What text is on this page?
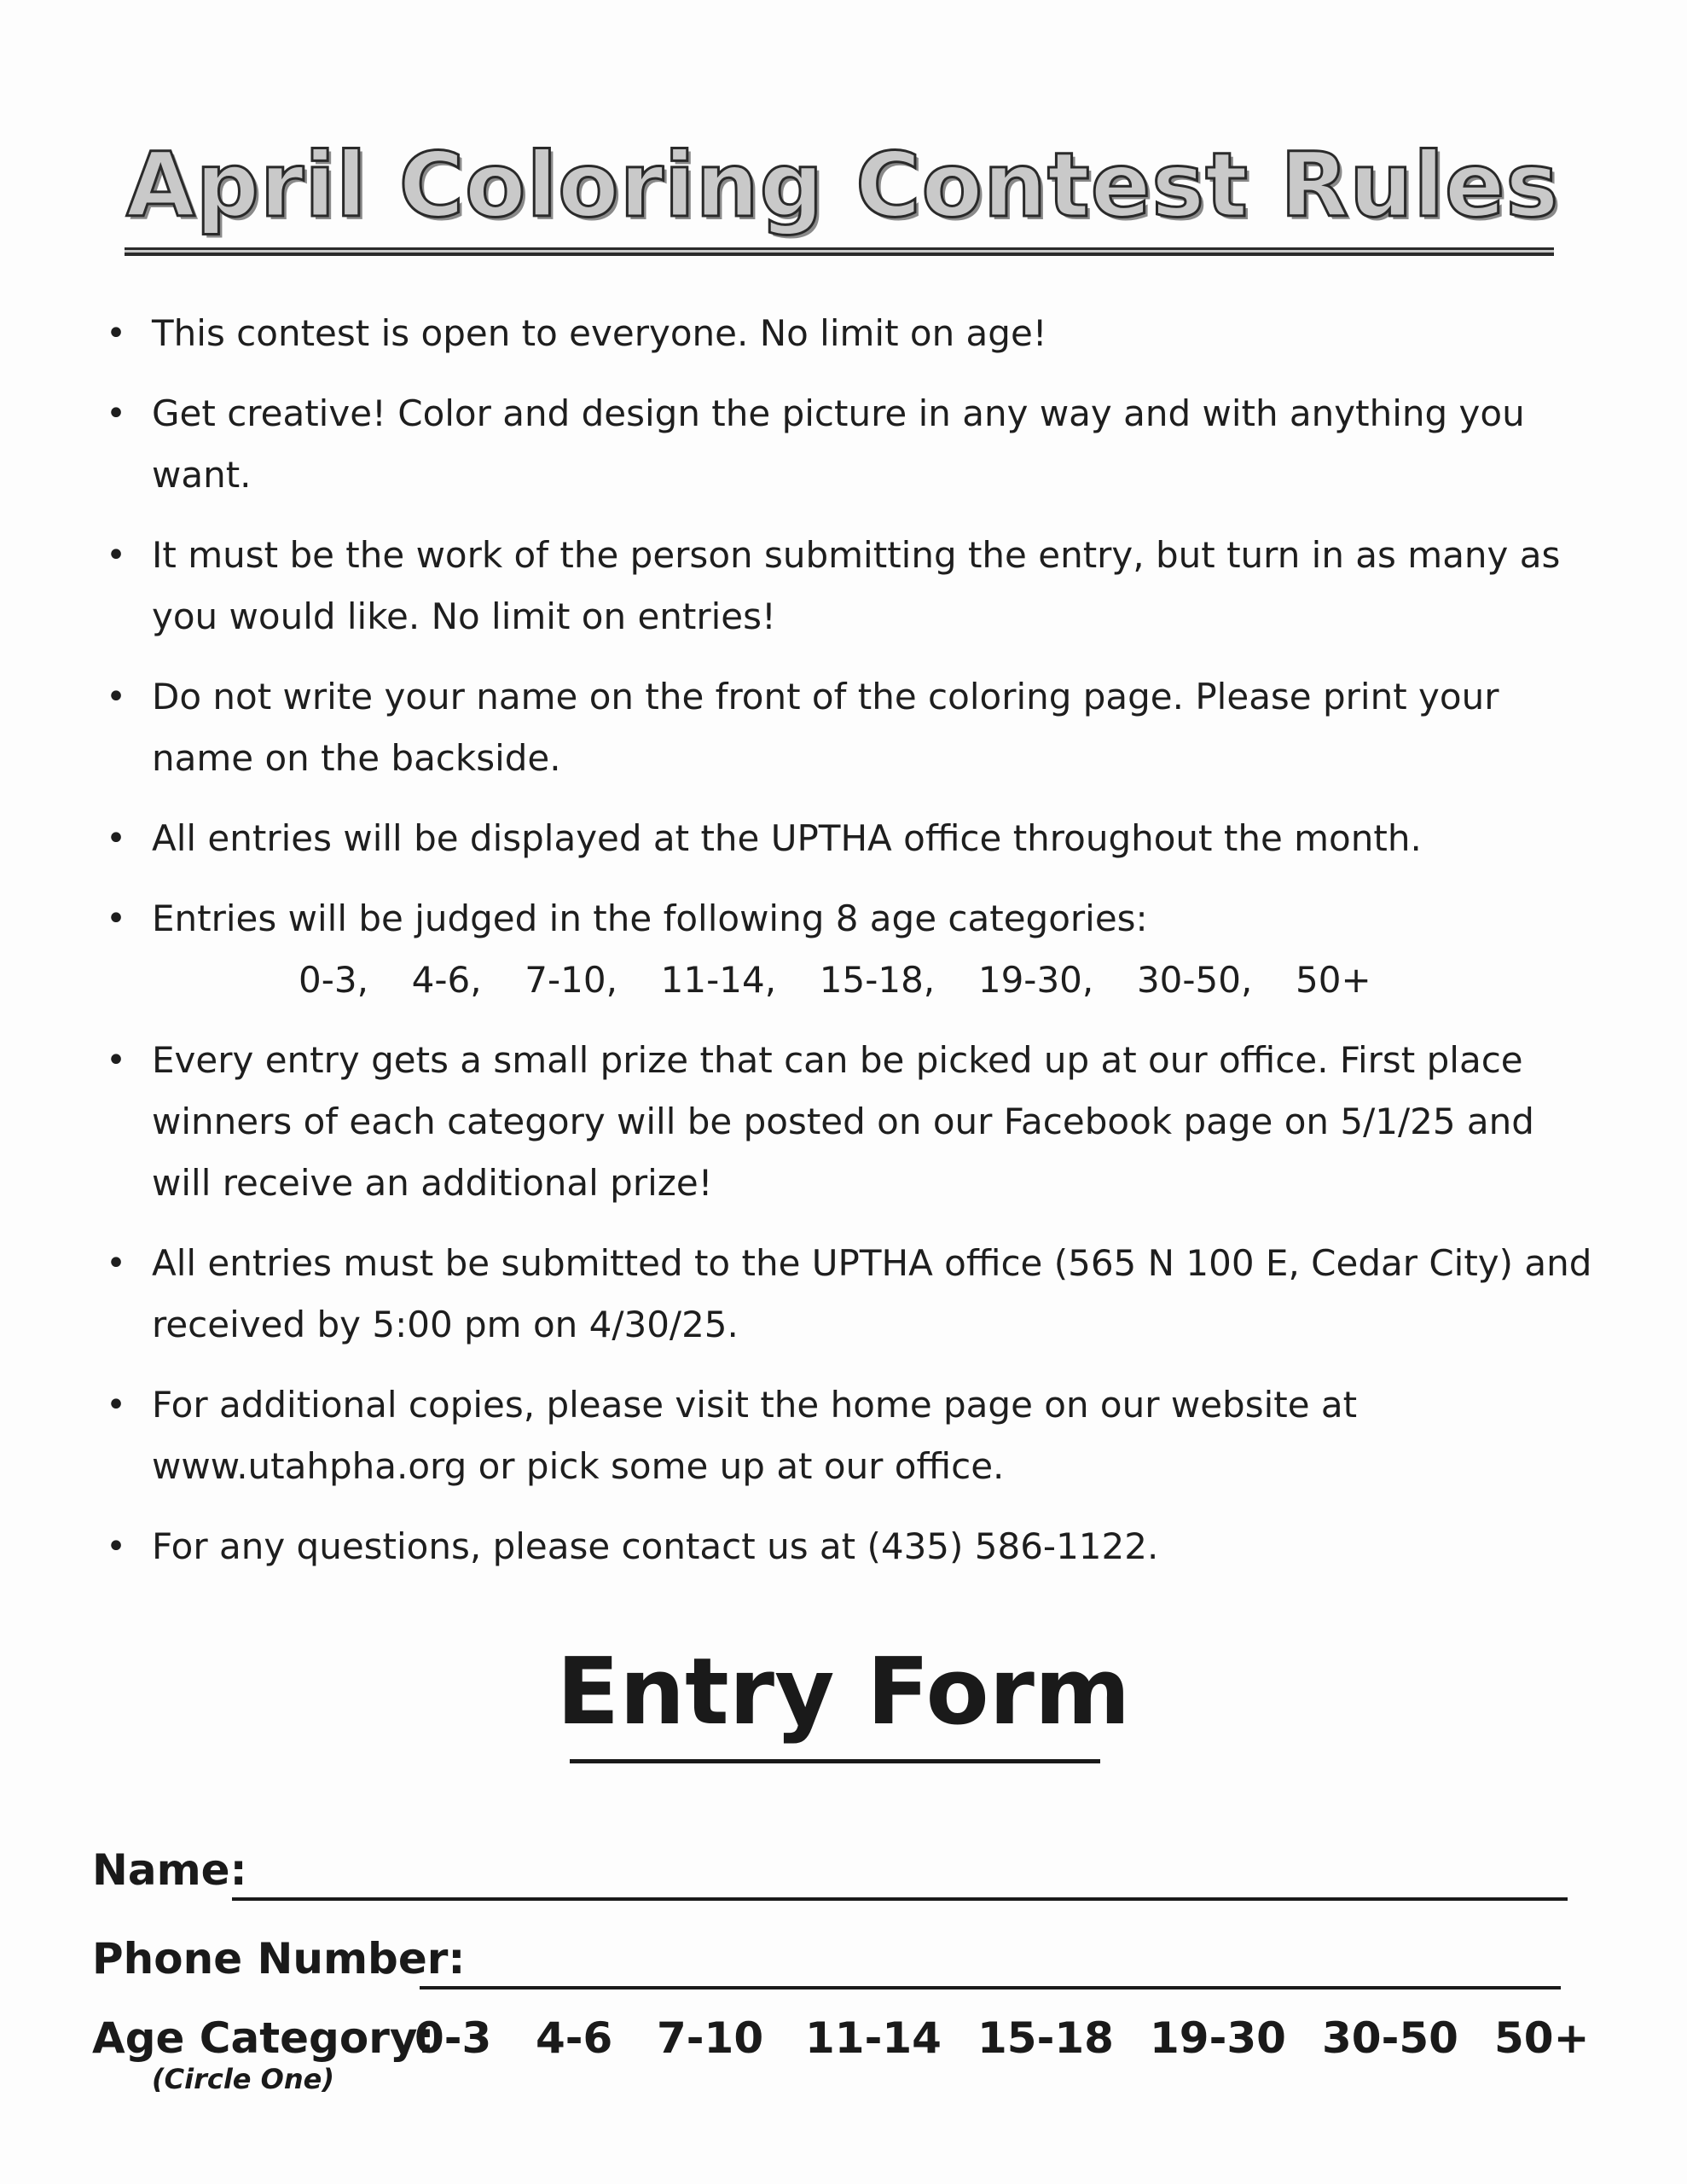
April Coloring Contest Rules
• This contest is open to everyone. No limit on age!
• Get creative! Color and design the picture in any way and with anything you want.
• It must be the work of the person submitting the entry, but turn in as many as you would like. No limit on entries!
• Do not write your name on the front of the coloring page. Please print your name on the backside.
• All entries will be displayed at the UPTHA office throughout the month.
• Entries will be judged in the following 8 age categories:
0-3,  4-6,  7-10,  11-14,  15-18,  19-30,  30-50,  50+
• Every entry gets a small prize that can be picked up at our office. First place winners of each category will be posted on our Facebook page on 5/1/25 and will receive an additional prize!
• All entries must be submitted to the UPTHA office (565 N 100 E, Cedar City) and received by 5:00 pm on 4/30/25.
• For additional copies, please visit the home page on our website at www.utahpha.org or pick some up at our office.
• For any questions, please contact us at (435) 586-1122.
Entry Form
Name:
Phone Number:
Age Category:
0-3 4-6 7-10 11-14 15-18 19-30 30-50 50+
(Circle One)
